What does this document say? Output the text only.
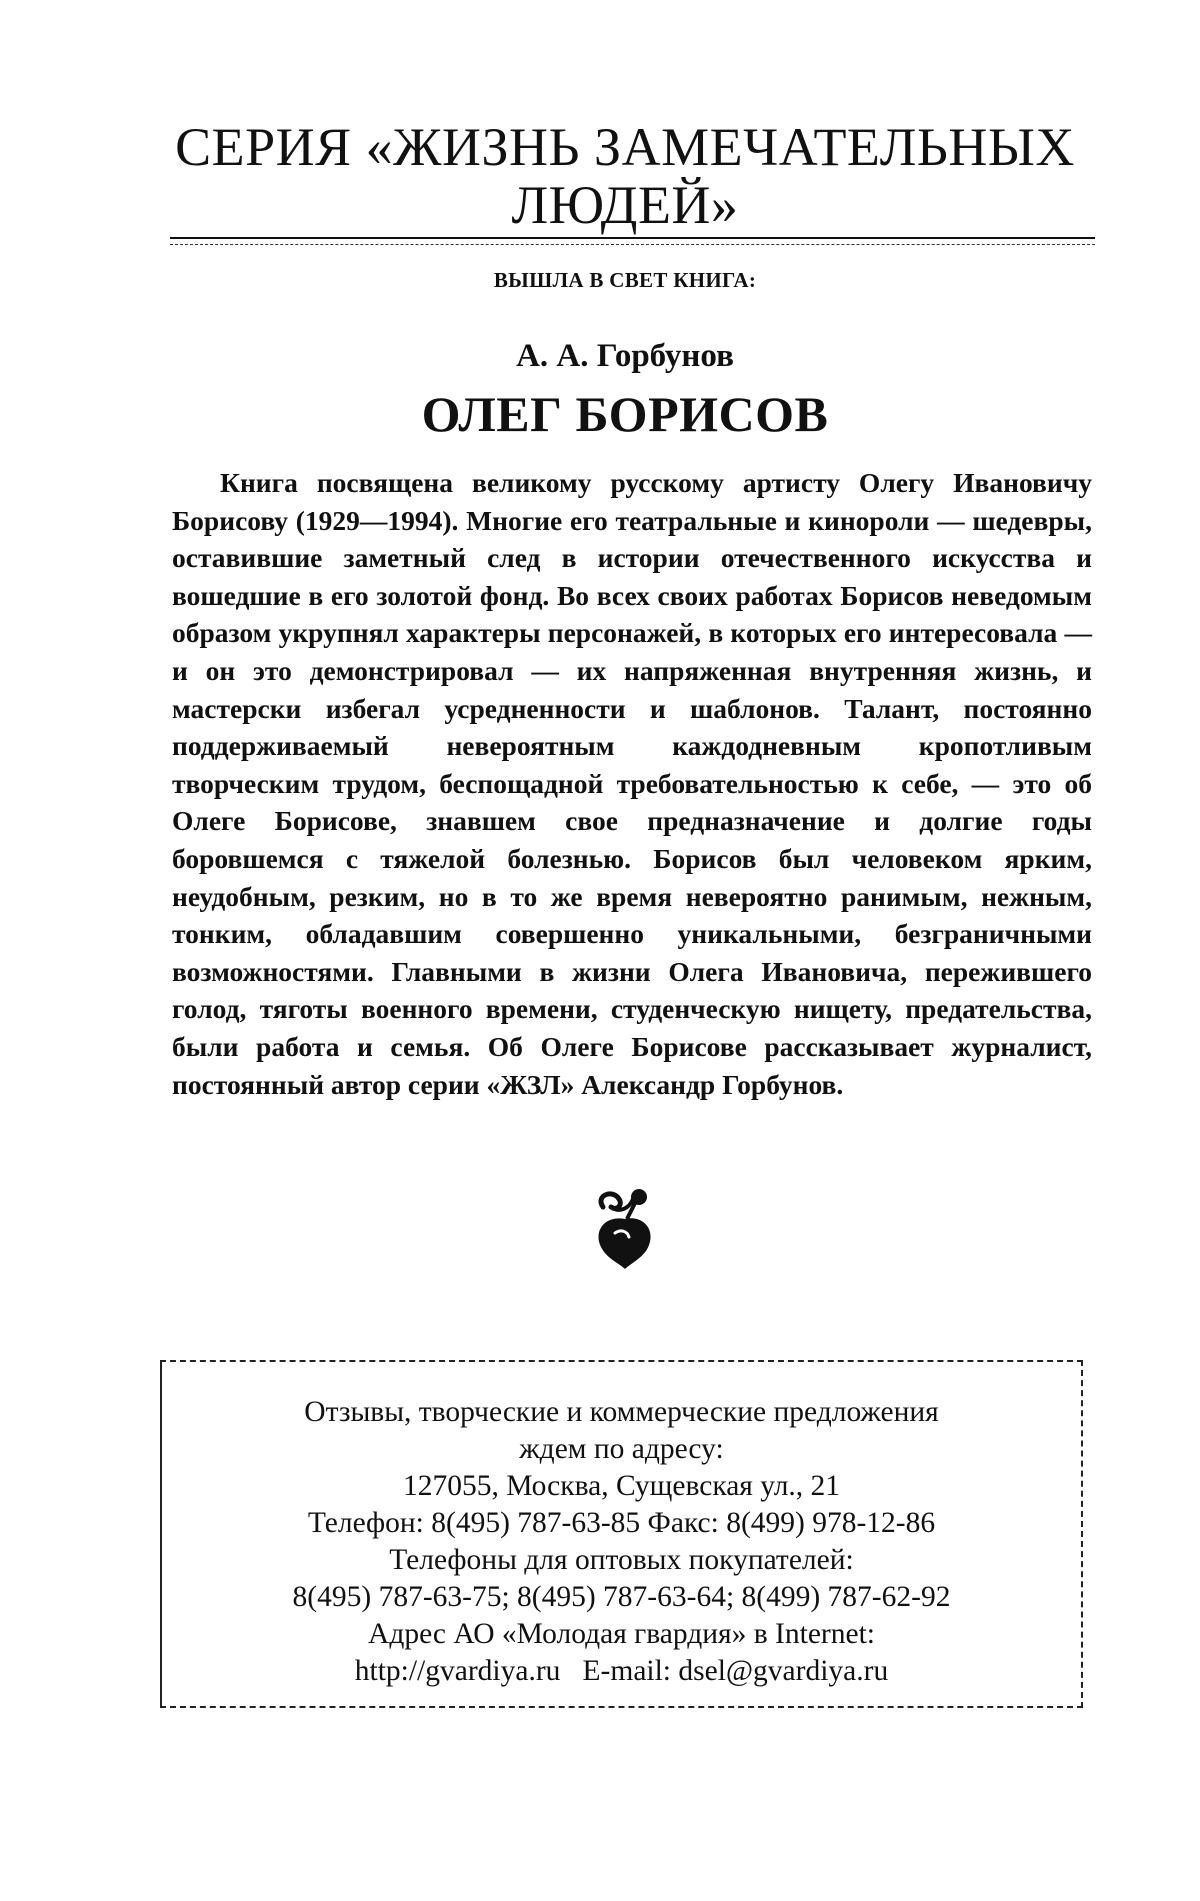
СЕРИЯ «ЖИЗНЬ ЗАМЕЧАТЕЛЬНЫХ
ЛЮДЕЙ»
ВЫШЛА В СВЕТ КНИГА:
А. А. Горбунов
ОЛЕГ БОРИСОВ

Книга посвящена великому русскому артисту Олегу Ивановичу Борисову (1929—1994). Многие его театральные и кинороли — шедевры, оставившие заметный след в истории отечественного искусства и вошедшие в его золотой фонд. Во всех своих работах Борисов неведомым образом укрупнял характеры персонажей, в которых его интересовала — и он это демонстрировал — их напряженная внутренняя жизнь, и мастерски избегал усредненности и шаблонов. Талант, постоянно поддерживаемый невероятным каждодневным кропотливым творческим трудом, беспощадной требовательностью к себе, — это об Олеге Борисове, знавшем свое предназначение и долгие годы боровшемся с тяжелой болезнью. Борисов был человеком ярким, неудобным, резким, но в то же время невероятно ранимым, нежным, тонким, обладавшим совершенно уникальными, безграничными возможностями. Главными в жизни Олега Ивановича, пережившего голод, тяготы военного времени, студенческую нищету, предательства, были работа и семья. Об Олеге Борисове рассказывает журналист, постоянный автор серии «ЖЗЛ» Александр Горбунов.

Отзывы, творческие и коммерческие предложения
ждем по адресу:
127055, Москва, Сущевская ул., 21
Телефон: 8(495) 787-63-85 Факс: 8(499) 978-12-86
Телефоны для оптовых покупателей:
8(495) 787-63-75; 8(495) 787-63-64; 8(499) 787-62-92
Адрес АО «Молодая гвардия» в Internet:
http://gvardiya.ru   E-mail: dsel@gvardiya.ru
